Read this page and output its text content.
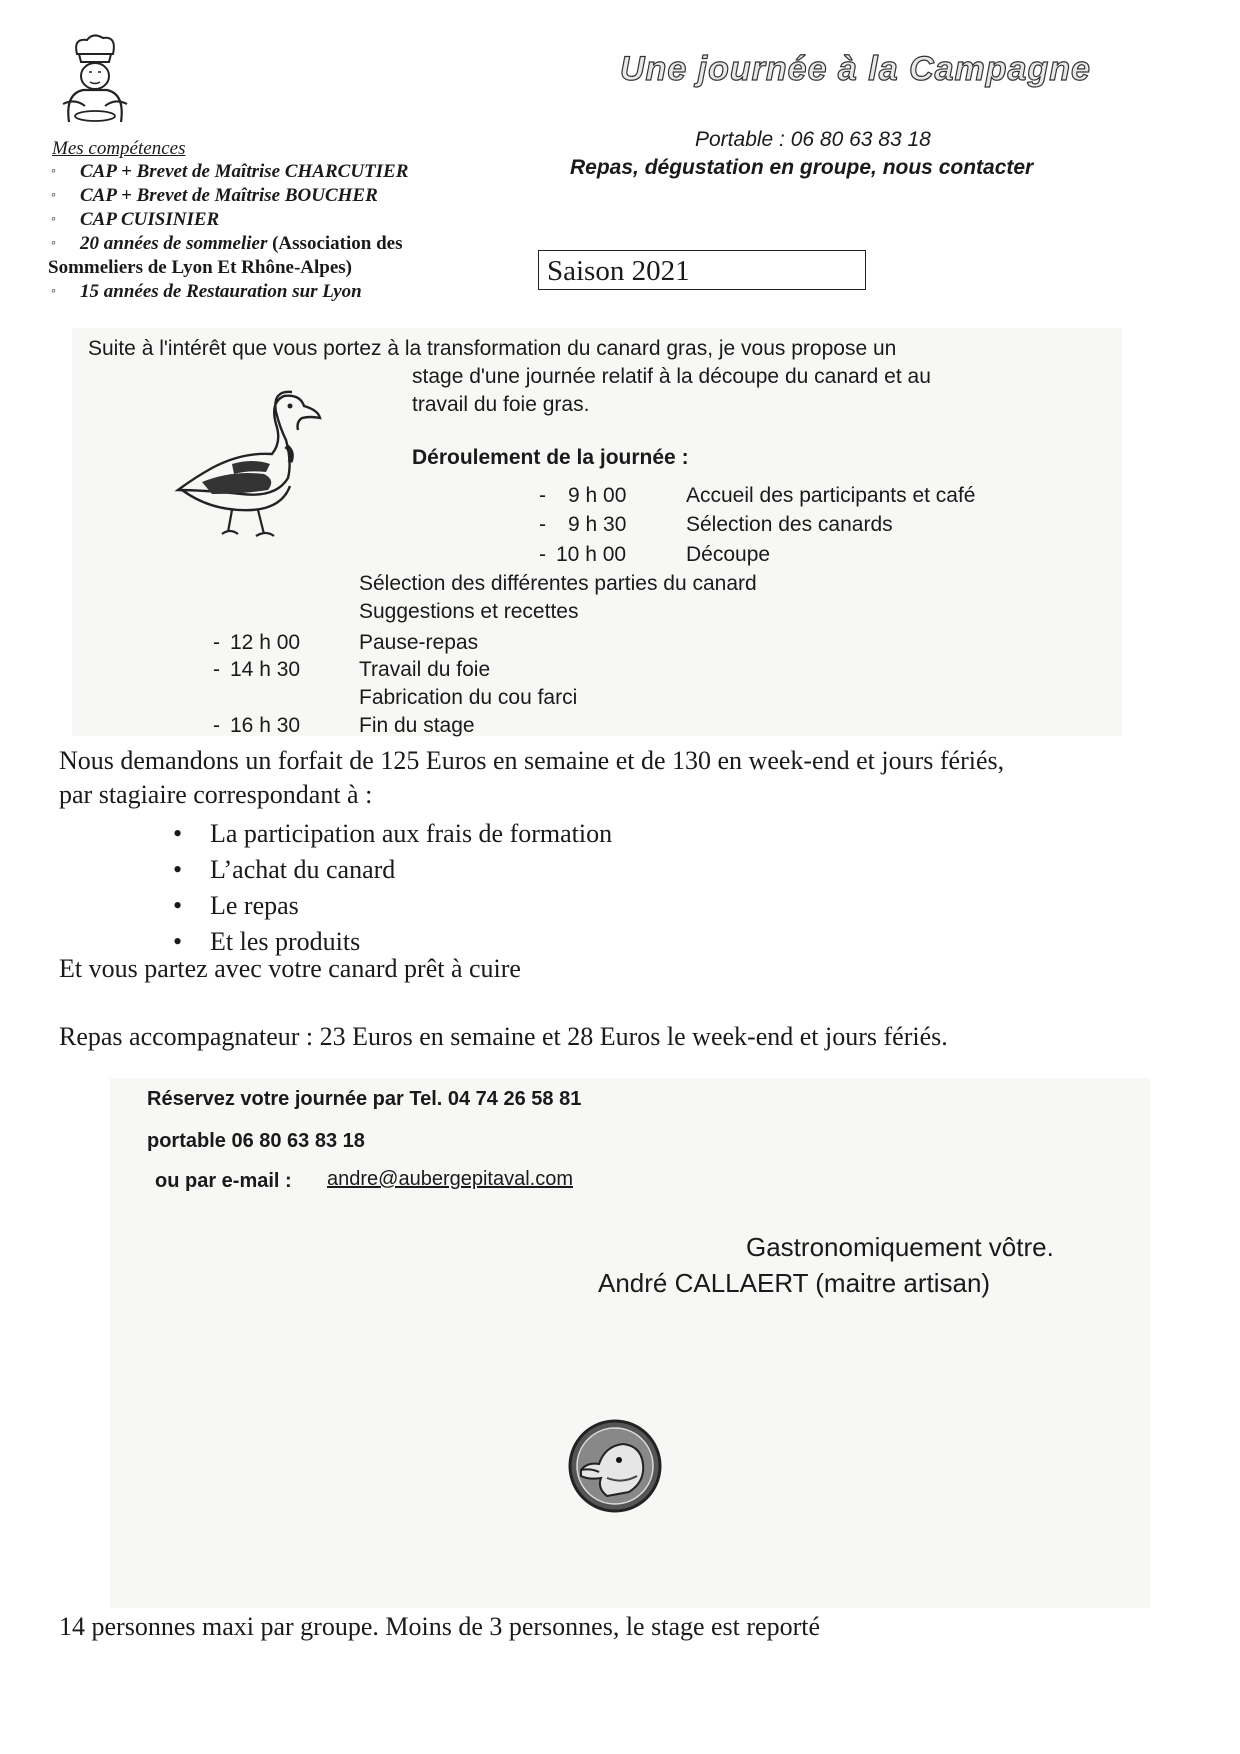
Mes compétences
◦ CAP + Brevet de Maîtrise CHARCUTIER
◦ CAP + Brevet de Maîtrise BOUCHER
◦ CAP CUISINIER
◦ 20 années de sommelier (Association des
Sommeliers de Lyon Et Rhône-Alpes)
◦ 15 années de Restauration sur Lyon
Une journée à la Campagne
Portable : 06 80 63 83 18
Repas, dégustation en groupe, nous contacter
Saison 2021
Suite à l'intérêt que vous portez à la transformation du canard gras, je vous propose un
stage d'une journée relatif à la découpe du canard et au
travail du foie gras.
Déroulement de la journée :
- 9 h 00	Accueil des participants et café
- 9 h 30	Sélection des canards
- 10 h 00	Découpe
Sélection des différentes parties du canard
Suggestions et recettes
- 12 h 00	Pause-repas
- 14 h 30	Travail du foie
Fabrication du cou farci
- 16 h 30	Fin du stage
Nous demandons un forfait de 125 Euros en semaine et de 130 en week-end et jours fériés,
par stagiaire correspondant à :
• La participation aux frais de formation
• L’achat du canard
• Le repas
• Et les produits
Et vous partez avec votre canard prêt à cuire
Repas accompagnateur : 23 Euros en semaine et 28 Euros le week-end et jours fériés.
Réservez votre journée par Tel. 04 74 26 58 81
portable 06 80 63 83 18
ou par e-mail : andre@aubergepitaval.com
Gastronomiquement vôtre.
André CALLAERT (maitre artisan)
14 personnes maxi par groupe. Moins de 3 personnes, le stage est reporté
